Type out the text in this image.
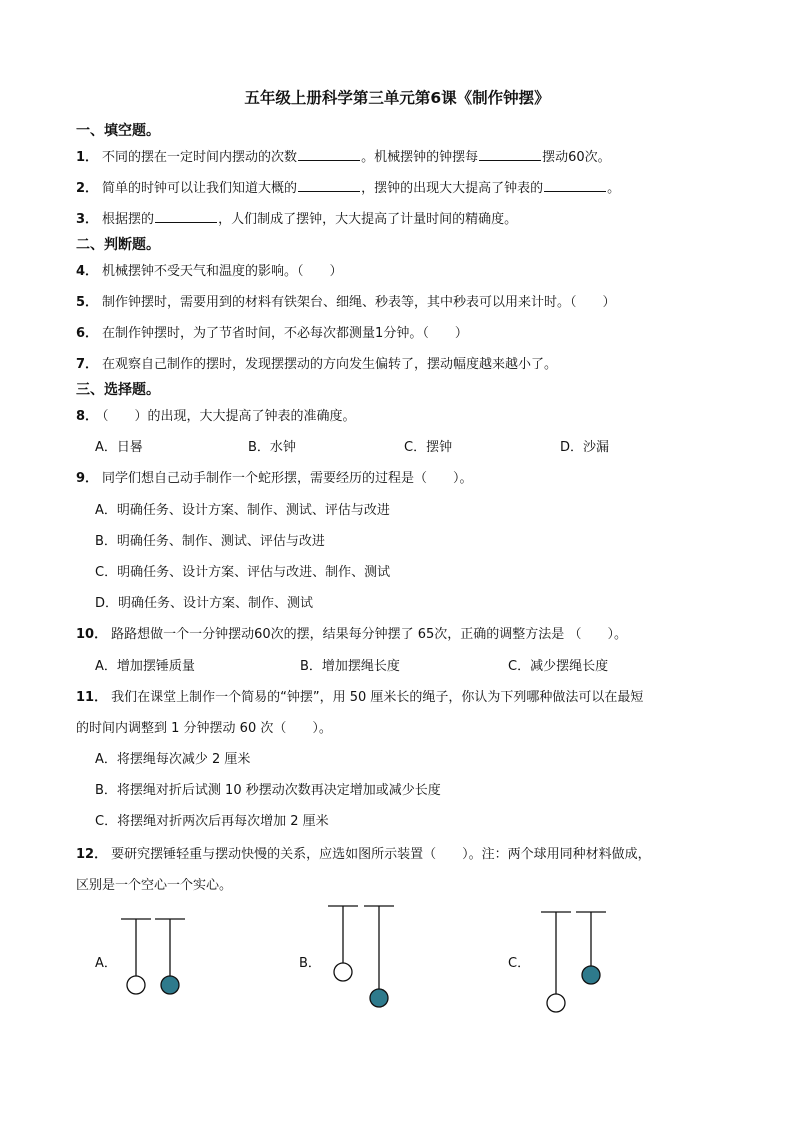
五年级上册科学第三单元第6课《制作钟摆》
一、填空题。
1． 不同的摆在一定时间内摆动的次数	。机械摆钟的钟摆每	摆动60次。
2． 简单的时钟可以让我们知道大概的	，摆钟的出现大大提高了钟表的	。
3． 根据摆的	，人们制成了摆钟，大大提高了计量时间的精确度。
二、判断题。
4． 机械摆钟不受天气和温度的影响。（　　）
5． 制作钟摆时，需要用到的材料有铁架台、细绳、秒表等，其中秒表可以用来计时。（　　）
6． 在制作钟摆时，为了节省时间，不必每次都测量1分钟。（　　）
7． 在观察自己制作的摆时，发现摆摆动的方向发生偏转了，摆动幅度越来越小了。
三、选择题。
8． （　　）的出现，大大提高了钟表的准确度。
A．日晷	B．水钟	C．摆钟	D．沙漏
9． 同学们想自己动手制作一个蛇形摆，需要经历的过程是（　　）。
A．明确任务、设计方案、制作、测试、评估与改进
B．明确任务、制作、测试、评估与改进
C．明确任务、设计方案、评估与改进、制作、测试
D．明确任务、设计方案、制作、测试
10． 路路想做一个一分钟摆动60次的摆，结果每分钟摆了 65次，正确的调整方法是 （　　）。
A．增加摆锤质量	B．增加摆绳长度	C．减少摆绳长度
11． 我们在课堂上制作一个简易的“钟摆”，用 50 厘米长的绳子，你认为下列哪种做法可以在最短
的时间内调整到 1 分钟摆动 60 次（　　）。
A．将摆绳每次减少 2 厘米
B．将摆绳对折后试测 10 秒摆动次数再决定增加或减少长度
C．将摆绳对折两次后再每次增加 2 厘米
12． 要研究摆锤轻重与摆动快慢的关系，应选如图所示装置（　　）。注：两个球用同种材料做成，
区别是一个空心一个实心。
A．	B．	C．
